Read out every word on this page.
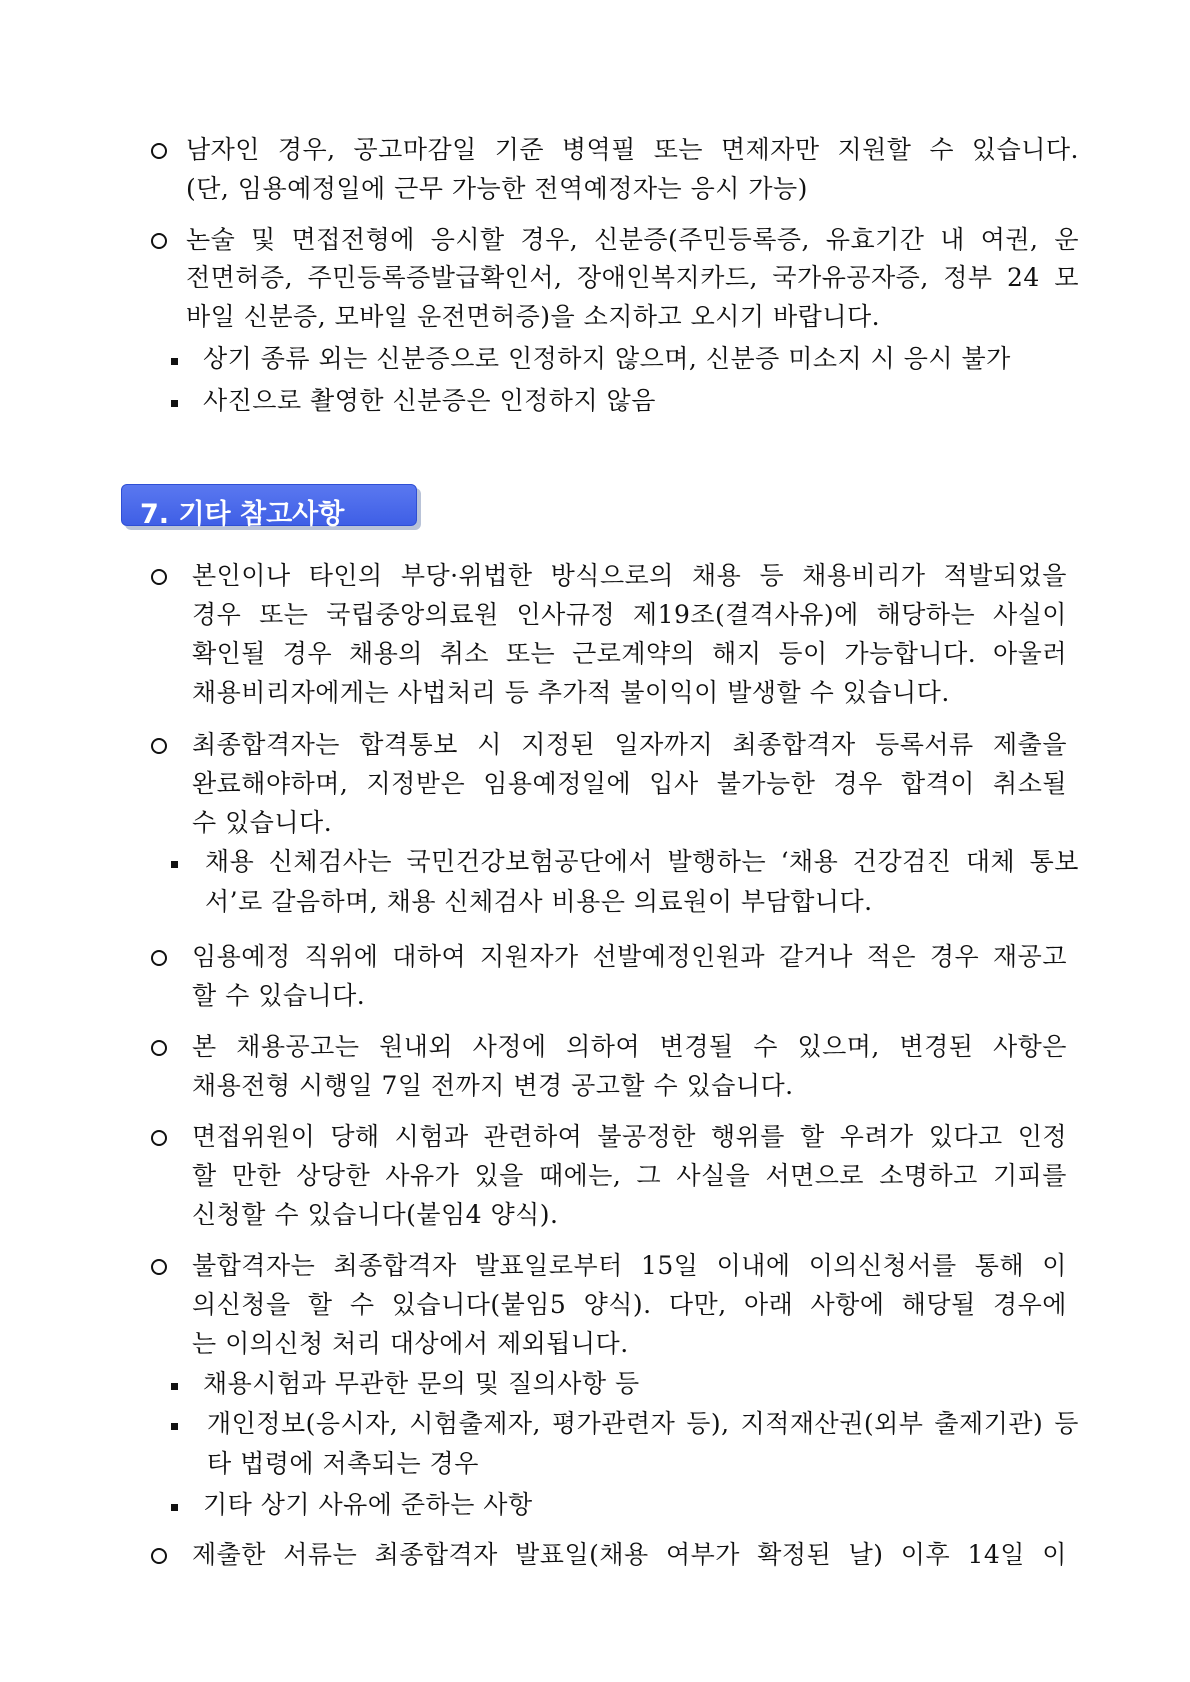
남자인 경우, 공고마감일 기준 병역필 또는 면제자만 지원할 수 있습니다.
(단, 임용예정일에 근무 가능한 전역예정자는 응시 가능)
논술 및 면접전형에 응시할 경우, 신분증(주민등록증, 유효기간 내 여권, 운
전면허증, 주민등록증발급확인서, 장애인복지카드, 국가유공자증, 정부 24 모
바일 신분증, 모바일 운전면허증)을 소지하고 오시기 바랍니다.
상기 종류 외는 신분증으로 인정하지 않으며, 신분증 미소지 시 응시 불가
사진으로 촬영한 신분증은 인정하지 않음
7. 기타 참고사항
본인이나 타인의 부당·위법한 방식으로의 채용 등 채용비리가 적발되었을
경우 또는 국립중앙의료원 인사규정 제19조(결격사유)에 해당하는 사실이
확인될 경우 채용의 취소 또는 근로계약의 해지 등이 가능합니다. 아울러
채용비리자에게는 사법처리 등 추가적 불이익이 발생할 수 있습니다.
최종합격자는 합격통보 시 지정된 일자까지 최종합격자 등록서류 제출을
완료해야하며, 지정받은 임용예정일에 입사 불가능한 경우 합격이 취소될
수 있습니다.
채용 신체검사는 국민건강보험공단에서 발행하는 ‘채용 건강검진 대체 통보
서’로 갈음하며, 채용 신체검사 비용은 의료원이 부담합니다.
임용예정 직위에 대하여 지원자가 선발예정인원과 같거나 적은 경우 재공고
할 수 있습니다.
본 채용공고는 원내외 사정에 의하여 변경될 수 있으며, 변경된 사항은
채용전형 시행일 7일 전까지 변경 공고할 수 있습니다.
면접위원이 당해 시험과 관련하여 불공정한 행위를 할 우려가 있다고 인정
할 만한 상당한 사유가 있을 때에는, 그 사실을 서면으로 소명하고 기피를
신청할 수 있습니다(붙임4 양식).
불합격자는 최종합격자 발표일로부터 15일 이내에 이의신청서를 통해 이
의신청을 할 수 있습니다(붙임5 양식). 다만, 아래 사항에 해당될 경우에
는 이의신청 처리 대상에서 제외됩니다.
채용시험과 무관한 문의 및 질의사항 등
개인정보(응시자, 시험출제자, 평가관련자 등), 지적재산권(외부 출제기관) 등
타 법령에 저촉되는 경우
기타 상기 사유에 준하는 사항
제출한 서류는 최종합격자 발표일(채용 여부가 확정된 날) 이후 14일 이
